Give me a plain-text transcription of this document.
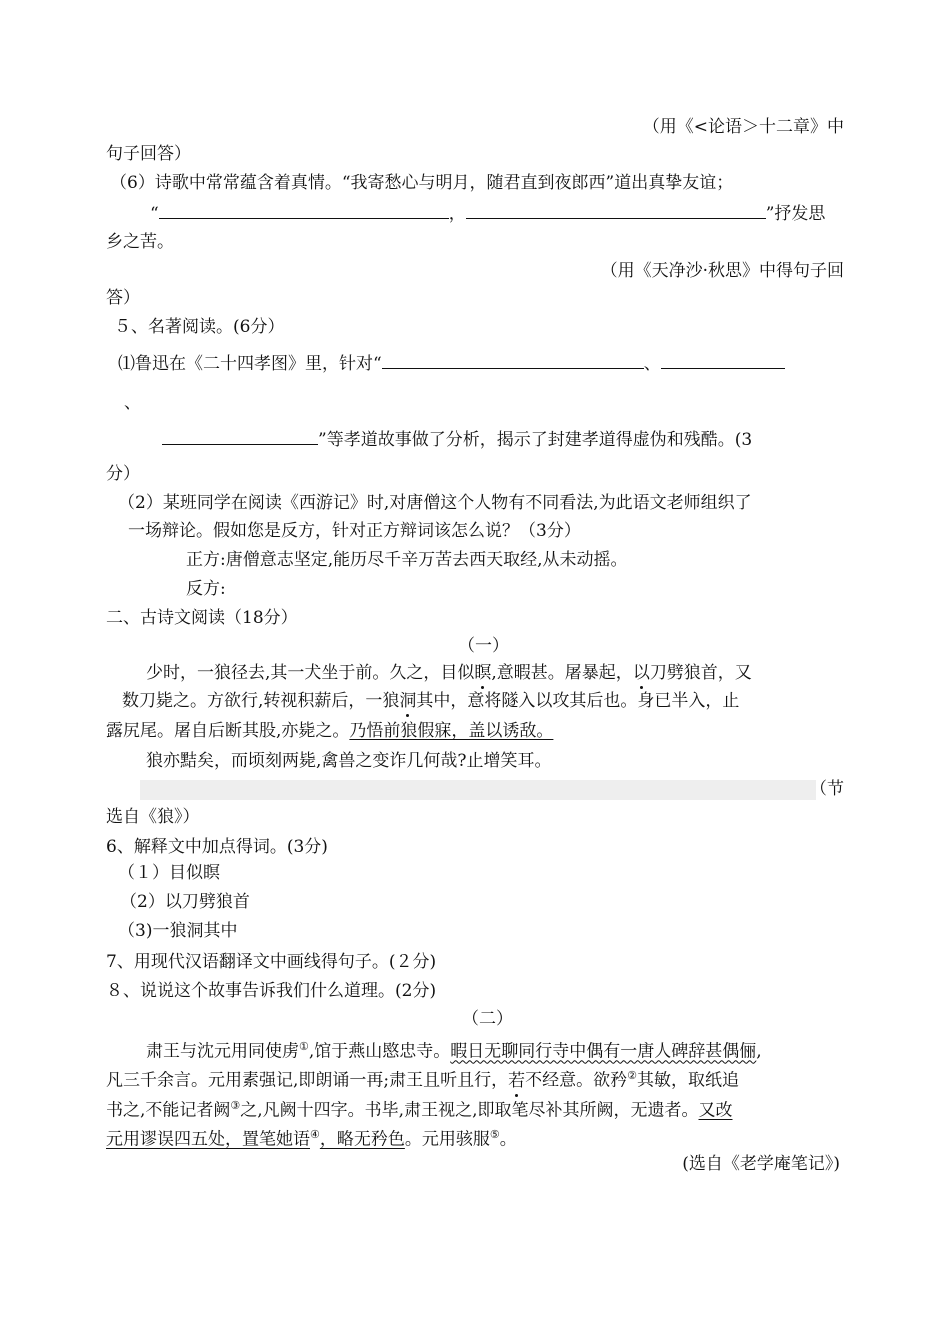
（用《<论语＞十二章》中
句子回答）
（6）诗歌中常常蕴含着真情。“我寄愁心与明月，随君直到夜郎西”道出真挚友谊；
“	，	”抒发思
乡之苦。
（用《天净沙·秋思》中得句子回
答）
５、名著阅读。(6分）
⑴鲁迅在《二十四孝图》里，针对“	、
、
”等孝道故事做了分析，揭示了封建孝道得虚伪和残酷。(3
分）
（2）某班同学在阅读《西游记》时,对唐僧这个人物有不同看法,为此语文老师组织了
一场辩论。假如您是反方，针对正方辩词该怎么说？（3分）
正方:唐僧意志坚定,能历尽千辛万苦去西天取经,从未动摇。
反方:
二、古诗文阅读（18分）
（一）
少时，一狼径去,其一犬坐于前。久之，目似瞑,意暇甚。屠暴起，以刀劈狼首，又
数刀毙之。方欲行,转视积薪后，一狼洞其中，意将隧入以攻其后也。身已半入，止
露尻尾。屠自后断其股,亦毙之。乃悟前狼假寐，盖以诱敌。
狼亦黠矣，而顷刻两毙,禽兽之变诈几何哉?止增笑耳。
（节
选自《狼》）
6、解释文中加点得词。(3分)
（１）目似瞑
（2）以刀劈狼首
（3)一狼洞其中
7、用现代汉语翻译文中画线得句子。(２分)
８、说说这个故事告诉我们什么道理。(2分)
（二）
肃王与沈元用同使虏①,馆于燕山愍忠寺。暇日无聊同行寺中偶有一唐人碑辞甚偶俪,
凡三千余言。元用素强记,即朗诵一再;肃王且听且行，若不经意。欲矜②其敏，取纸追
书之,不能记者阙③之,凡阙十四字。书毕,肃王视之,即取笔尽补其所阙，无遗者。又改
元用谬误四五处，置笔她语④，略无矜色。元用骇服⑤。
(选自《老学庵笔记》)
